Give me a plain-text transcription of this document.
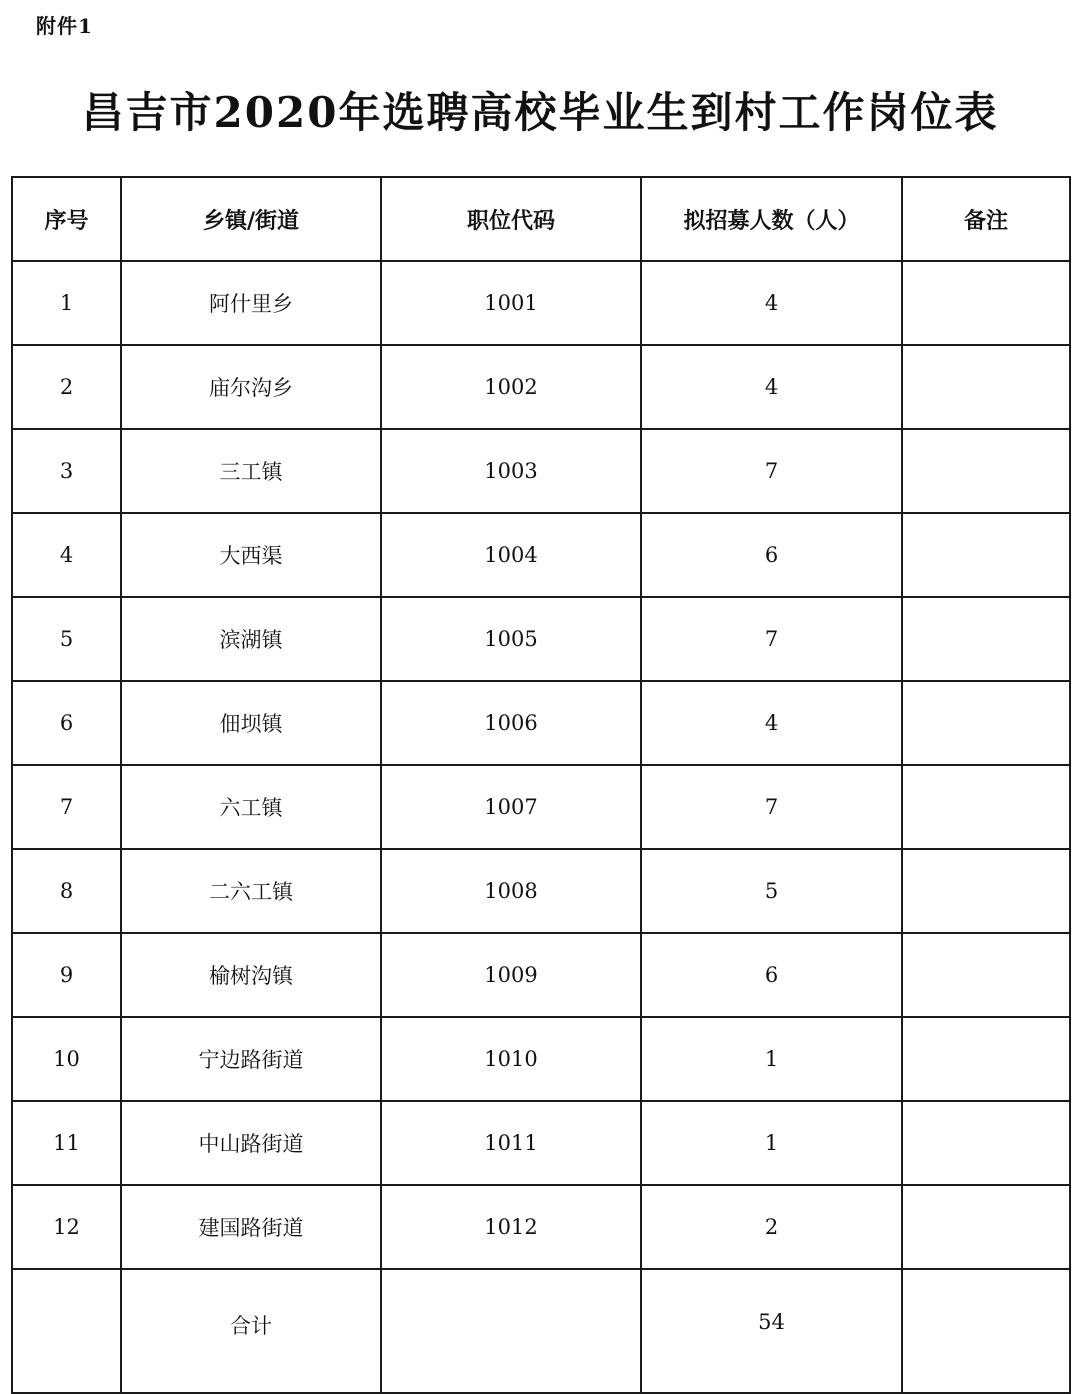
附件1
昌吉市2020年选聘高校毕业生到村工作岗位表
序号	乡镇/街道	职位代码	拟招募人数（人）	备注
1	阿什里乡	1001	4	
2	庙尔沟乡	1002	4	
3	三工镇	1003	7	
4	大西渠	1004	6	
5	滨湖镇	1005	7	
6	佃坝镇	1006	4	
7	六工镇	1007	7	
8	二六工镇	1008	5	
9	榆树沟镇	1009	6	
10	宁边路街道	1010	1	
11	中山路街道	1011	1	
12	建国路街道	1012	2	
	合计		54	
